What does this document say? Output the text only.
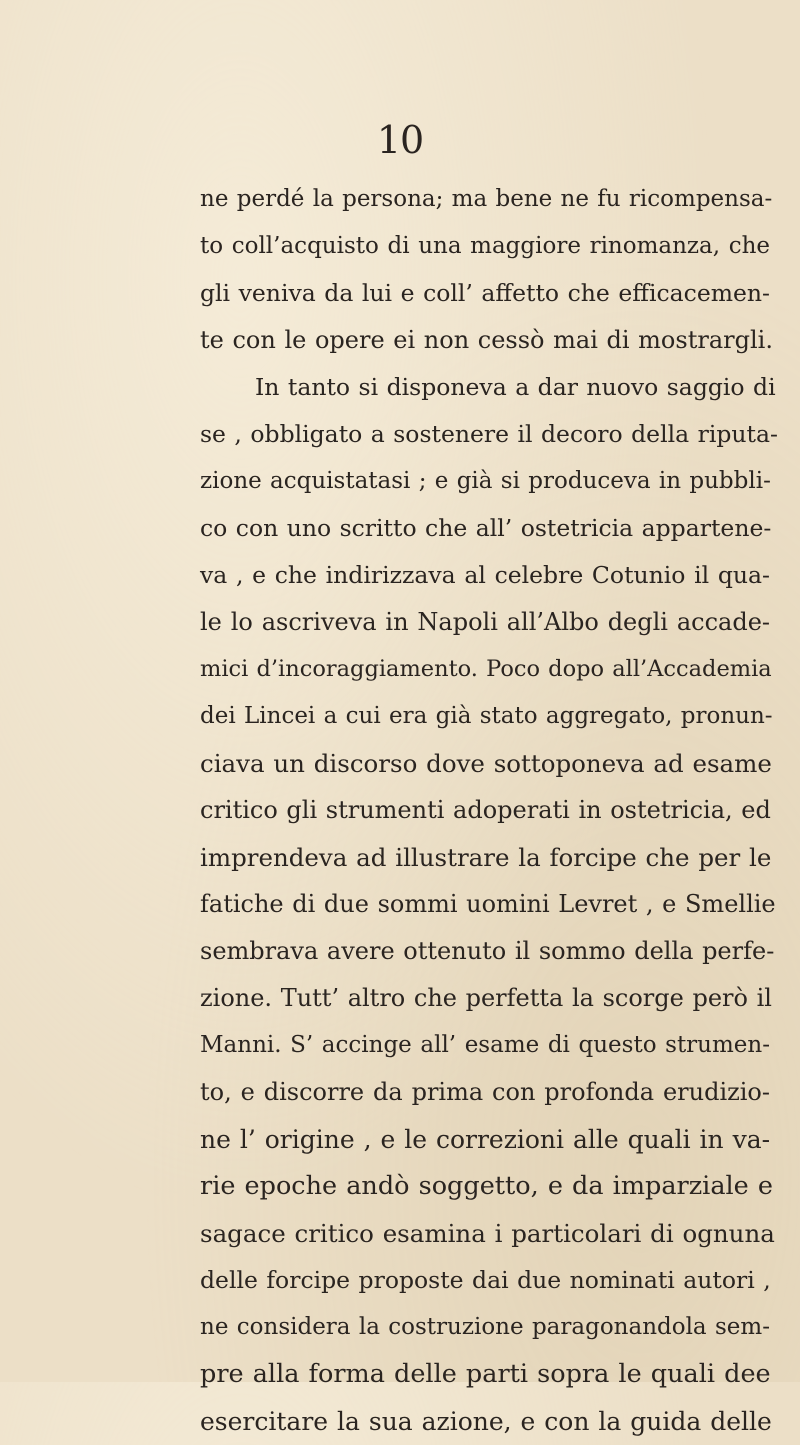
10
ne perdé la persona; ma bene ne fu ricompensa-
to coll’acquisto di una maggiore rinomanza, che
gli veniva da lui e coll’ affetto che efficacemen-
te con le opere ei non cessò mai di mostrargli.
In tanto si disponeva a dar nuovo saggio di
se , obbligato a sostenere il decoro della riputa-
zione acquistatasi ; e già si produceva in pubbli-
co con uno scritto che all’ ostetricia appartene-
va , e che indirizzava al celebre Cotunio il qua-
le lo ascriveva in Napoli all’Albo degli accade-
mici d’incoraggiamento. Poco dopo all’Accademia
dei Lincei a cui era già stato aggregato, pronun-
ciava un discorso dove sottoponeva ad esame
critico gli strumenti adoperati in ostetricia, ed
imprendeva ad illustrare la forcipe che per le
fatiche di due sommi uomini Levret , e Smellie
sembrava avere ottenuto il sommo della perfe-
zione. Tutt’ altro che perfetta la scorge però il
Manni. S’ accinge all’ esame di questo strumen-
to, e discorre da prima con profonda erudizio-
ne l’ origine , e le correzioni alle quali in va-
rie epoche andò soggetto, e da imparziale e
sagace critico esamina i particolari di ognuna
delle forcipe proposte dai due nominati autori ,
ne considera la costruzione paragonandola sem-
pre alla forma delle parti sopra le quali dee
esercitare la sua azione, e con la guida delle
